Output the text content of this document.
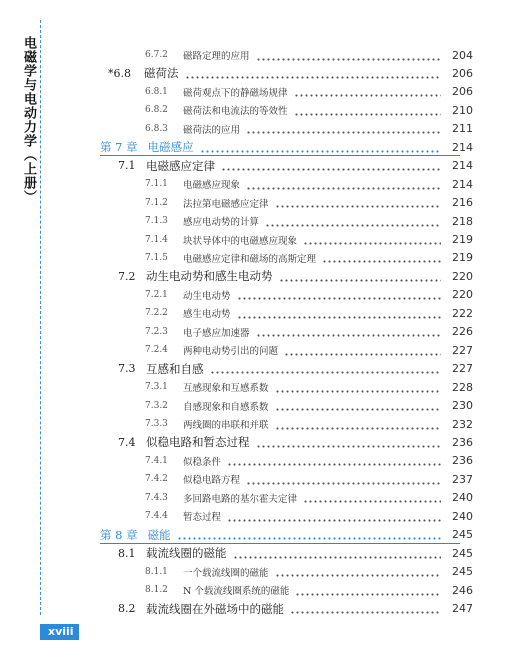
电磁学与电动力学（上册）
xviii
6.7.2	磁路定理的应用	204
*6.8 磁荷法	206
6.8.1	磁荷观点下的静磁场规律	206
6.8.2	磁荷法和电流法的等效性	210
6.8.3	磁荷法的应用	211
第 7 章 电磁感应	214
7.1 电磁感应定律	214
7.1.1	电磁感应现象	214
7.1.2	法拉第电磁感应定律	216
7.1.3	感应电动势的计算	218
7.1.4	块状导体中的电磁感应现象	219
7.1.5	电磁感应定律和磁场的高斯定理	219
7.2 动生电动势和感生电动势	220
7.2.1	动生电动势	220
7.2.2	感生电动势	222
7.2.3	电子感应加速器	226
7.2.4	两种电动势引出的问题	227
7.3 互感和自感	227
7.3.1	互感现象和互感系数	228
7.3.2	自感现象和自感系数	230
7.3.3	两线圈的串联和并联	232
7.4 似稳电路和暂态过程	236
7.4.1	似稳条件	236
7.4.2	似稳电路方程	237
7.4.3	多回路电路的基尔霍夫定律	240
7.4.4	暂态过程	240
第 8 章 磁能	245
8.1 载流线圈的磁能	245
8.1.1	一个载流线圈的磁能	245
8.1.2	N 个载流线圈系统的磁能	246
8.2 载流线圈在外磁场中的磁能	247
